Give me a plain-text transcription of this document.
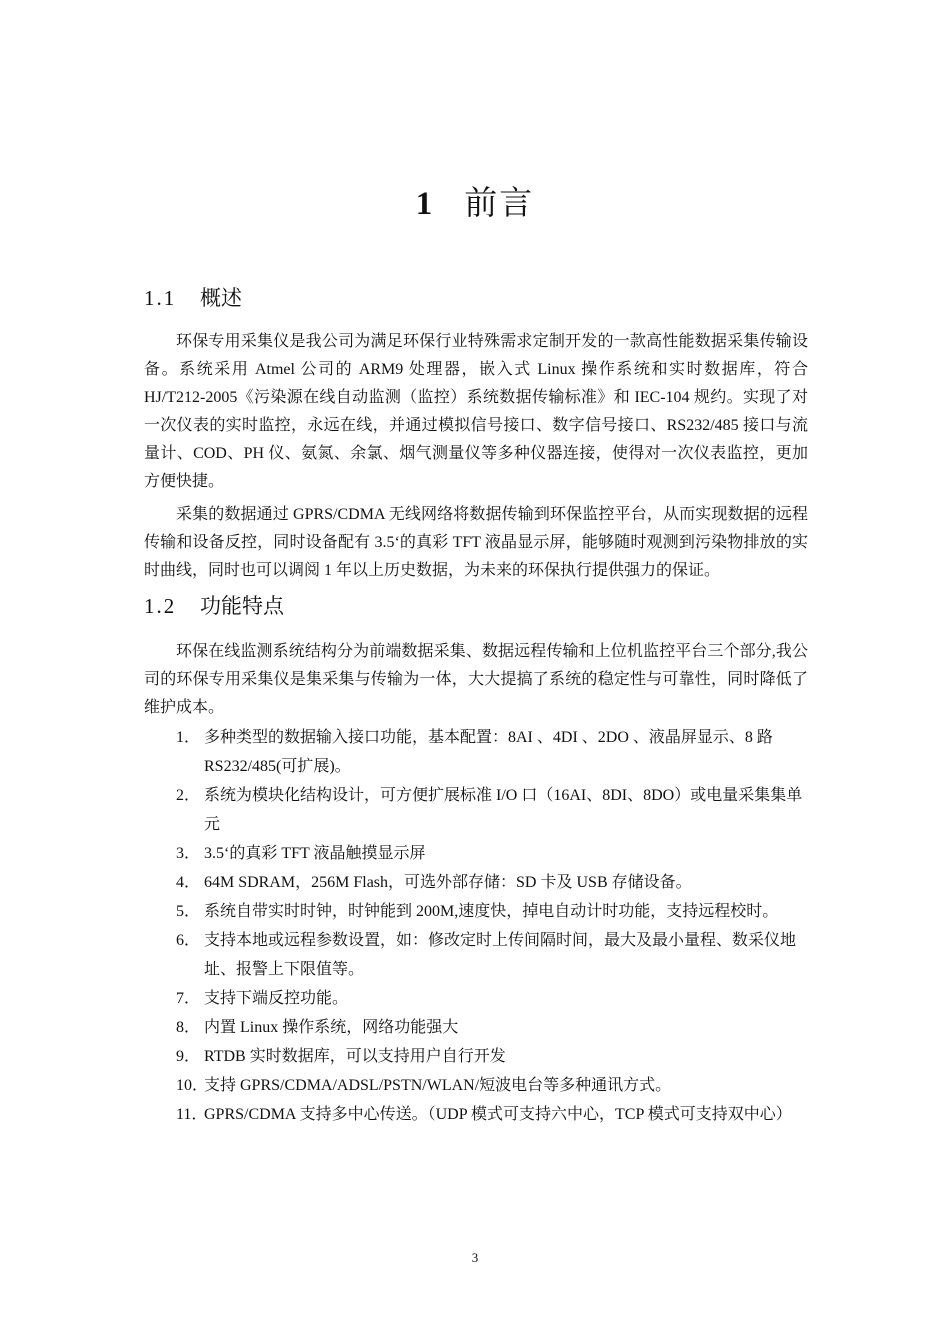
1 前言
1.1 概述

环保专用采集仪是我公司为满足环保行业特殊需求定制开发的一款高性能数据采集传输设备。系统采用 Atmel 公司的 ARM9 处理器，嵌入式 Linux 操作系统和实时数据库，符合 HJ/T212-2005《污染源在线自动监测（监控）系统数据传输标准》和 IEC-104 规约。实现了对一次仪表的实时监控，永远在线，并通过模拟信号接口、数字信号接口、RS232/485 接口与流量计、COD、PH 仪、氨氮、余氯、烟气测量仪等多种仪器连接，使得对一次仪表监控，更加方便快捷。

采集的数据通过 GPRS/CDMA 无线网络将数据传输到环保监控平台，从而实现数据的远程传输和设备反控，同时设备配有 3.5‘的真彩 TFT 液晶显示屏，能够随时观测到污染物排放的实时曲线，同时也可以调阅 1 年以上历史数据，为未来的环保执行提供强力的保证。

1.2 功能特点

环保在线监测系统结构分为前端数据采集、数据远程传输和上位机监控平台三个部分,我公司的环保专用采集仪是集采集与传输为一体，大大提搞了系统的稳定性与可靠性，同时降低了维护成本。

1． 多种类型的数据输入接口功能，基本配置：8AI 、4DI 、2DO 、液晶屏显示、8 路 RS232/485(可扩展)。
2． 系统为模块化结构设计，可方便扩展标准 I/O 口（16AI、8DI、8DO）或电量采集集单元
3． 3.5‘的真彩 TFT 液晶触摸显示屏
4． 64M SDRAM，256M Flash，可选外部存储：SD 卡及 USB 存储设备。
5． 系统自带实时时钟，时钟能到 200M,速度快，掉电自动计时功能，支持远程校时。
6． 支持本地或远程参数设置，如：修改定时上传间隔时间，最大及最小量程、数采仪地址、报警上下限值等。
7． 支持下端反控功能。
8． 内置 Linux 操作系统，网络功能强大
9． RTDB 实时数据库，可以支持用户自行开发
10．
支持 GPRS/CDMA/ADSL/PSTN/WLAN/短波电台等多种通讯方式。
11．
GPRS/CDMA 支持多中心传送。（UDP 模式可支持六中心，TCP 模式可支持双中心）
3
